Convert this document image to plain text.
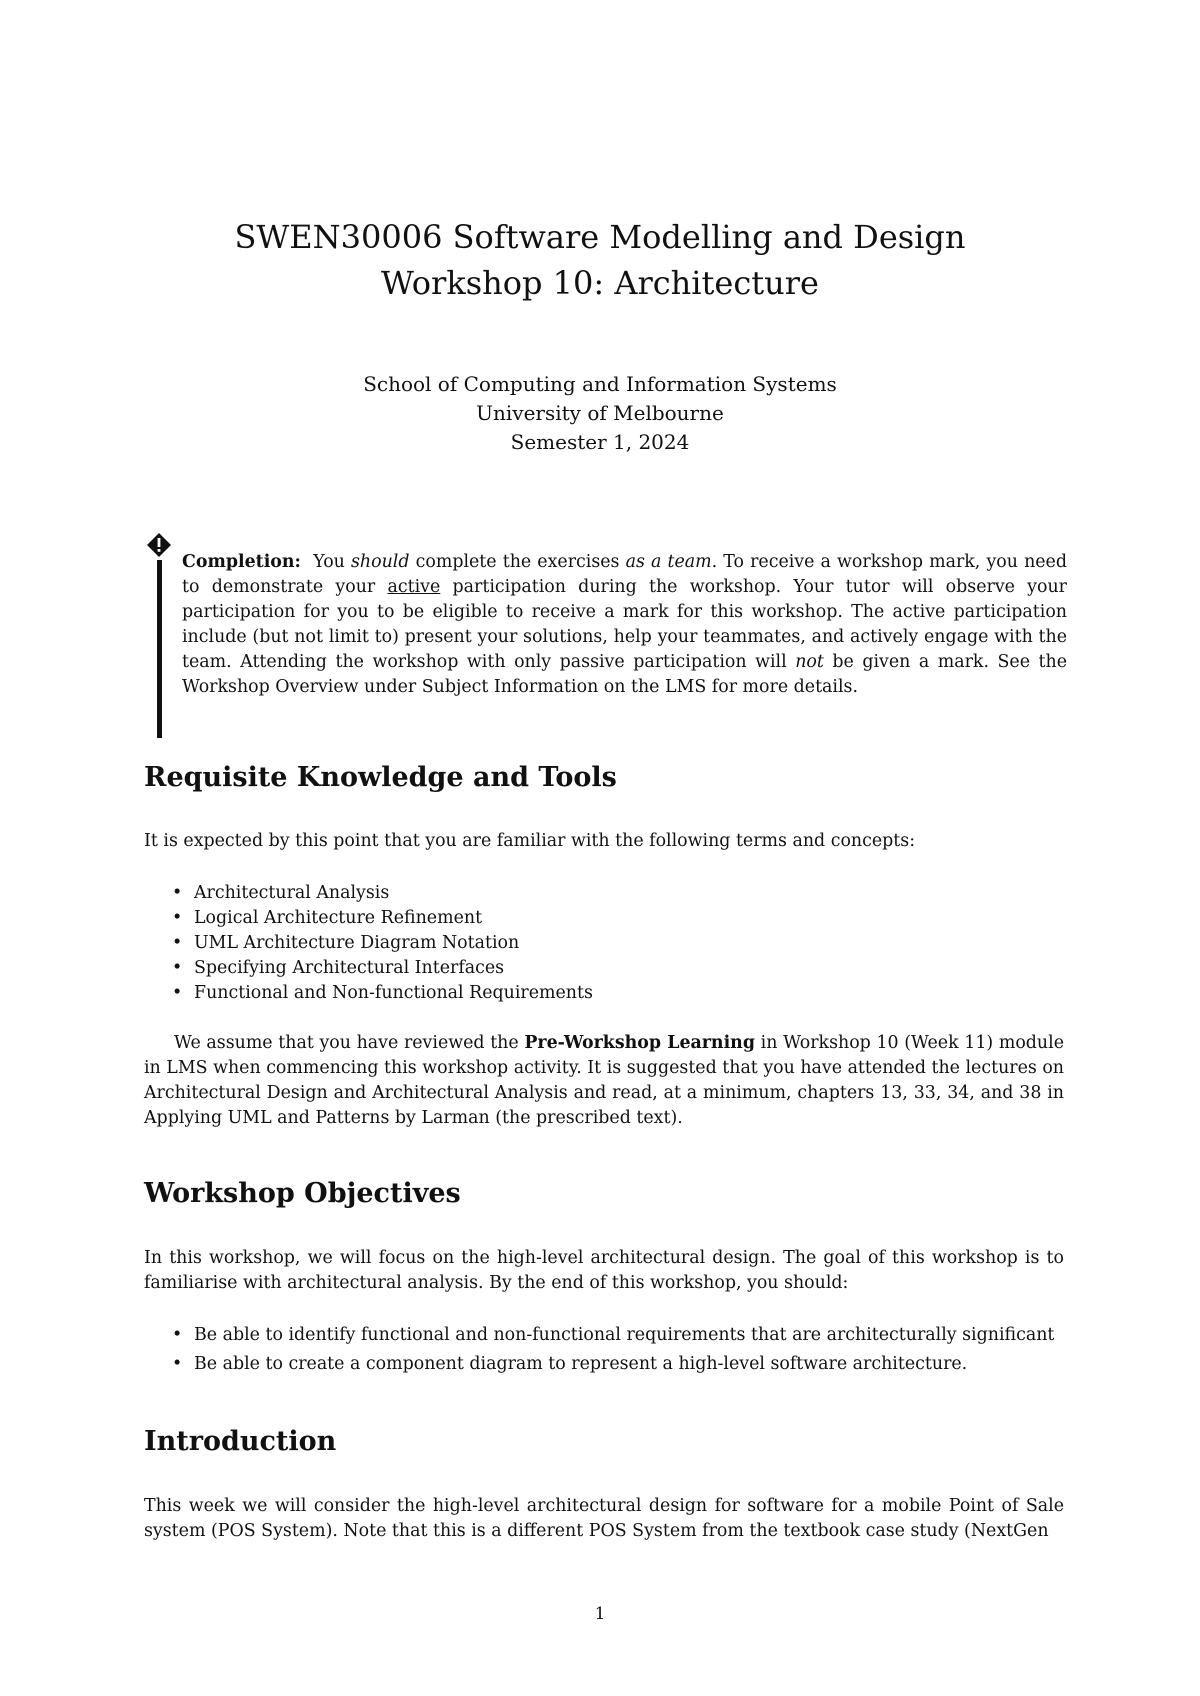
SWEN30006 Software Modelling and Design

Workshop 10: Architecture

School of Computing and Information Systems
University of Melbourne
Semester 1, 2024
Completion: You should complete the exercises as a team. To receive a workshop mark, you need to demonstrate your active participation during the workshop. Your tutor will observe your participation for you to be eligible to receive a mark for this workshop. The active participation include (but not limit to) present your solutions, help your teammates, and actively engage with the team. Attending the workshop with only passive participation will not be given a mark. See the Workshop Overview under Subject Information on the LMS for more details.
Requisite Knowledge and Tools

It is expected by this point that you are familiar with the following terms and concepts:

• Architectural Analysis
• Logical Architecture Refinement
• UML Architecture Diagram Notation
• Specifying Architectural Interfaces
• Functional and Non-functional Requirements

We assume that you have reviewed the Pre-Workshop Learning in Workshop 10 (Week 11) module in LMS when commencing this workshop activity. It is suggested that you have attended the lectures on Architectural Design and Architectural Analysis and read, at a minimum, chapters 13, 33, 34, and 38 in Applying UML and Patterns by Larman (the prescribed text).

Workshop Objectives

In this workshop, we will focus on the high-level architectural design. The goal of this workshop is to familiarise with architectural analysis. By the end of this workshop, you should:

• Be able to identify functional and non-functional requirements that are architecturally significant
• Be able to create a component diagram to represent a high-level software architecture.
Introduction

This week we will consider the high-level architectural design for software for a mobile Point of Sale system (POS System). Note that this is a different POS System from the textbook case study (NextGen

1
